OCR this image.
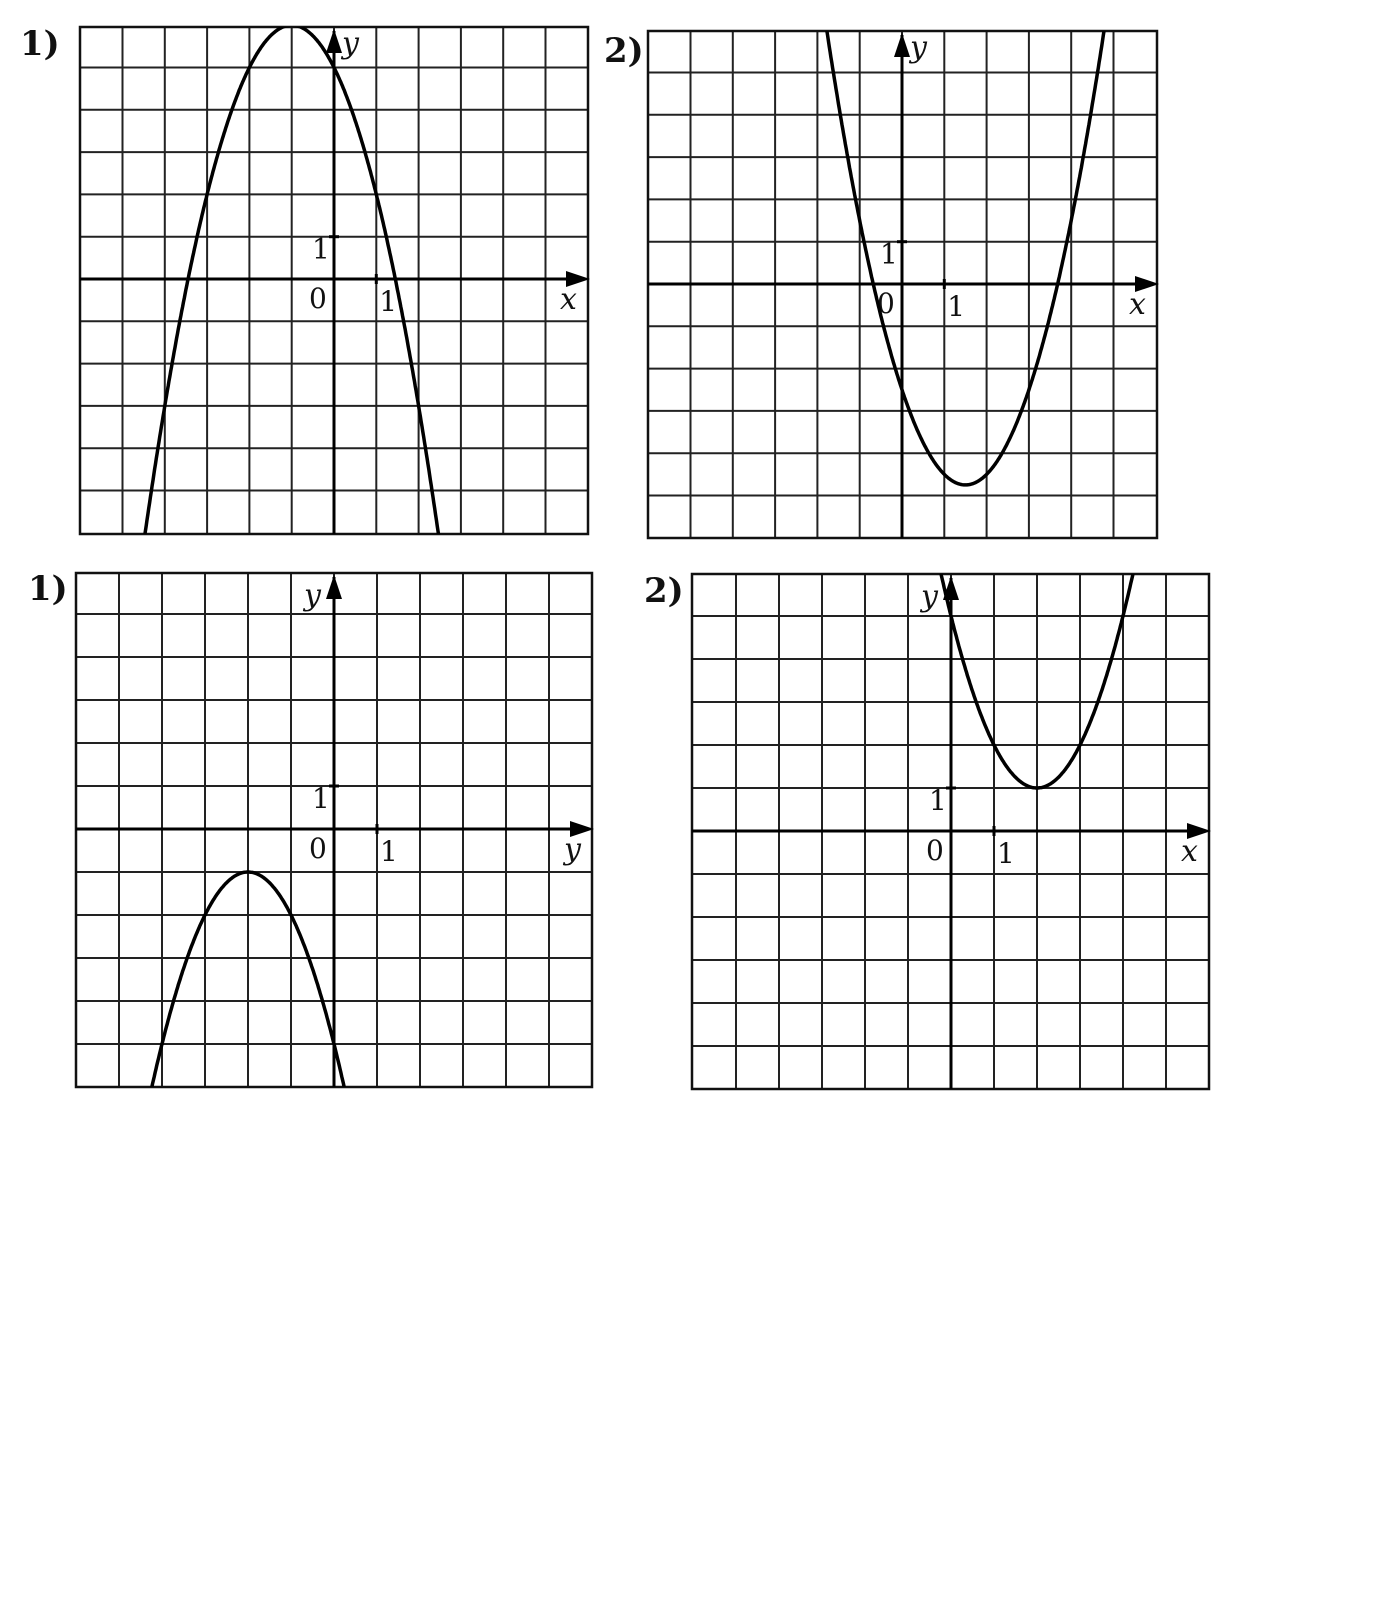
1)
1
0 1	x
y	2)
1
0 1	x
y
1)
1
0 1	y
y	2)
1
0 1	x
y
